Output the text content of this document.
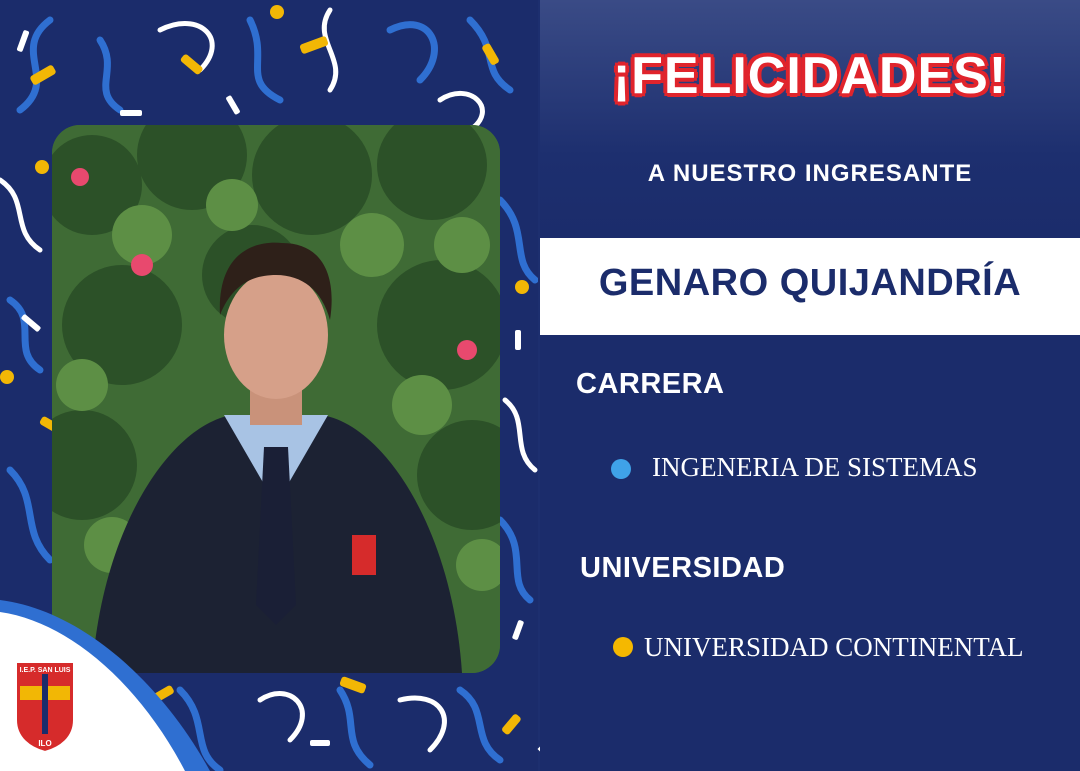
I.E.P. SAN LUIS
ILO
¡FELICIDADES!
A NUESTRO INGRESANTE
GENARO QUIJANDRÍA
CARRERA
INGENERIA DE SISTEMAS
UNIVERSIDAD
UNIVERSIDAD CONTINENTAL
